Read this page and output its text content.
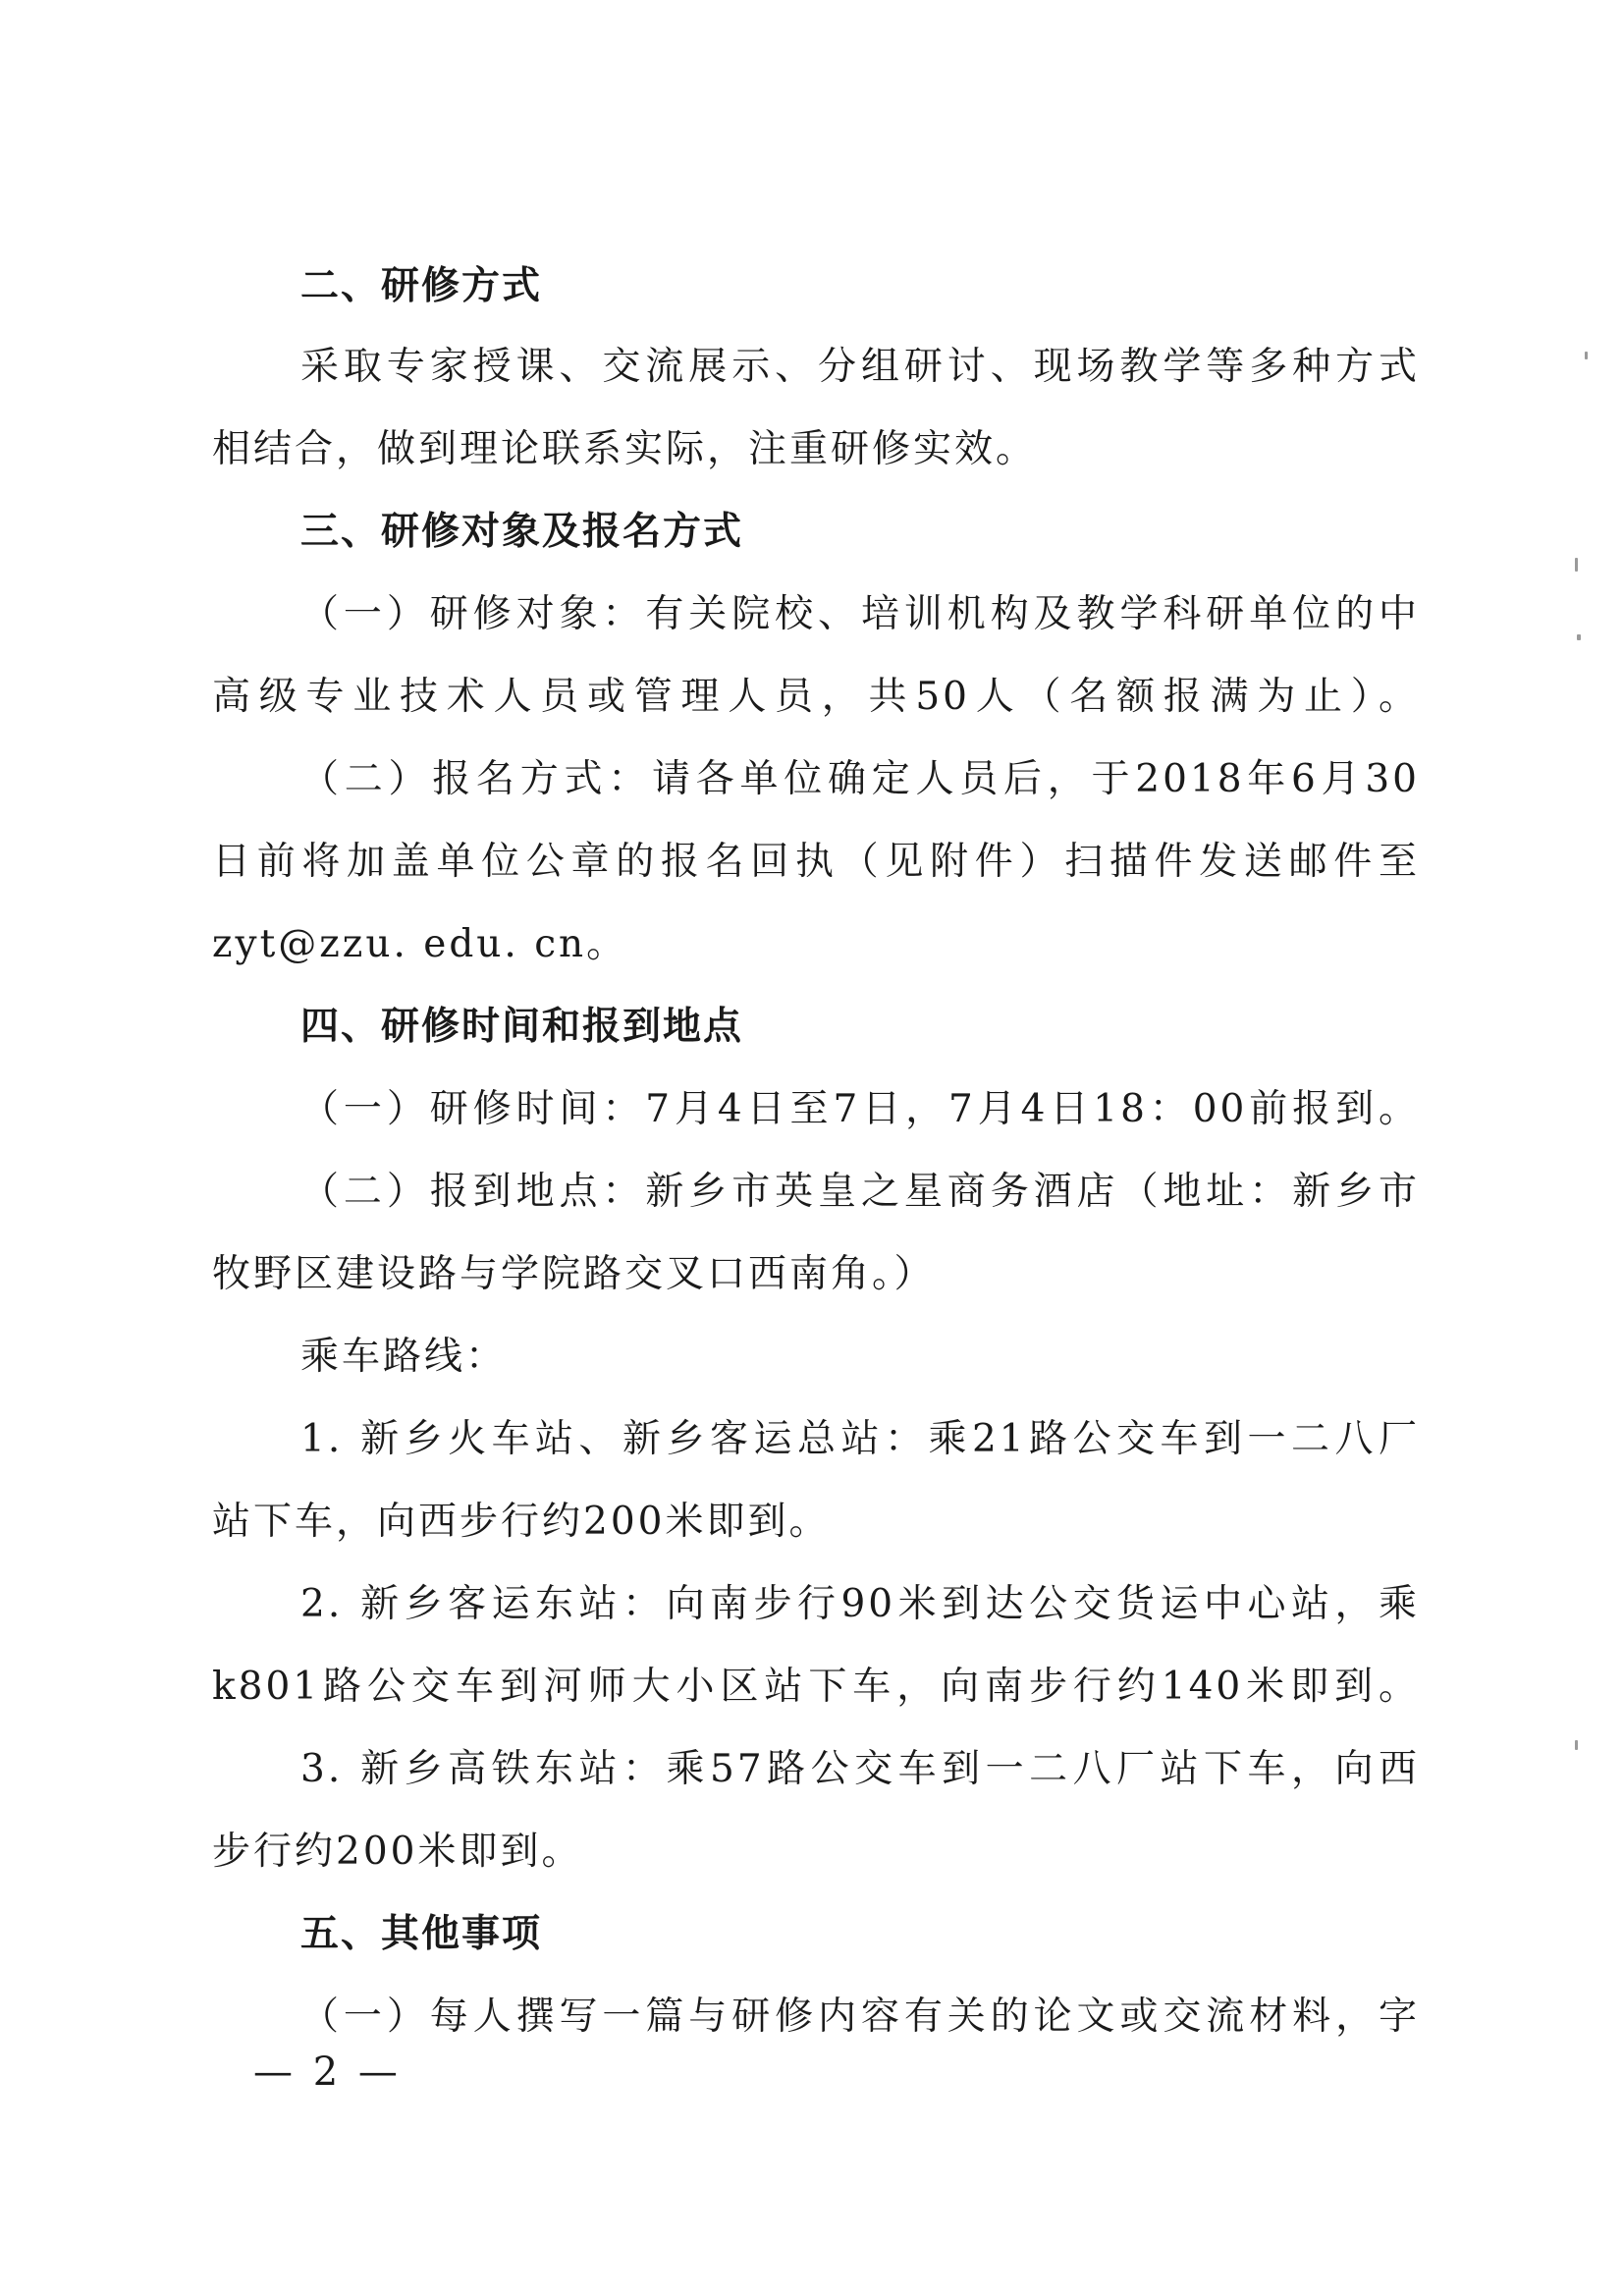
二、研修方式
采取专家授课、交流展示、分组研讨、现场教学等多种方式
相结合，做到理论联系实际，注重研修实效。
三、研修对象及报名方式
（一）研修对象：有关院校、培训机构及教学科研单位的中
高级专业技术人员或管理人员，共50人（名额报满为止）。
（二）报名方式：请各单位确定人员后，于2018年6月30
日前将加盖单位公章的报名回执（见附件）扫描件发送邮件至
zyt@zzu. edu. cn。
四、研修时间和报到地点
（一）研修时间：7月4日至7日，7月4日18：00前报到。
（二）报到地点：新乡市英皇之星商务酒店（地址：新乡市
牧野区建设路与学院路交叉口西南角。）
乘车路线：
1. 新乡火车站、新乡客运总站：乘21路公交车到一二八厂
站下车，向西步行约200米即到。
2. 新乡客运东站：向南步行90米到达公交货运中心站，乘
k801路公交车到河师大小区站下车，向南步行约140米即到。
3. 新乡高铁东站：乘57路公交车到一二八厂站下车，向西
步行约200米即到。
五、其他事项
（一）每人撰写一篇与研修内容有关的论文或交流材料，字
— 2 —
